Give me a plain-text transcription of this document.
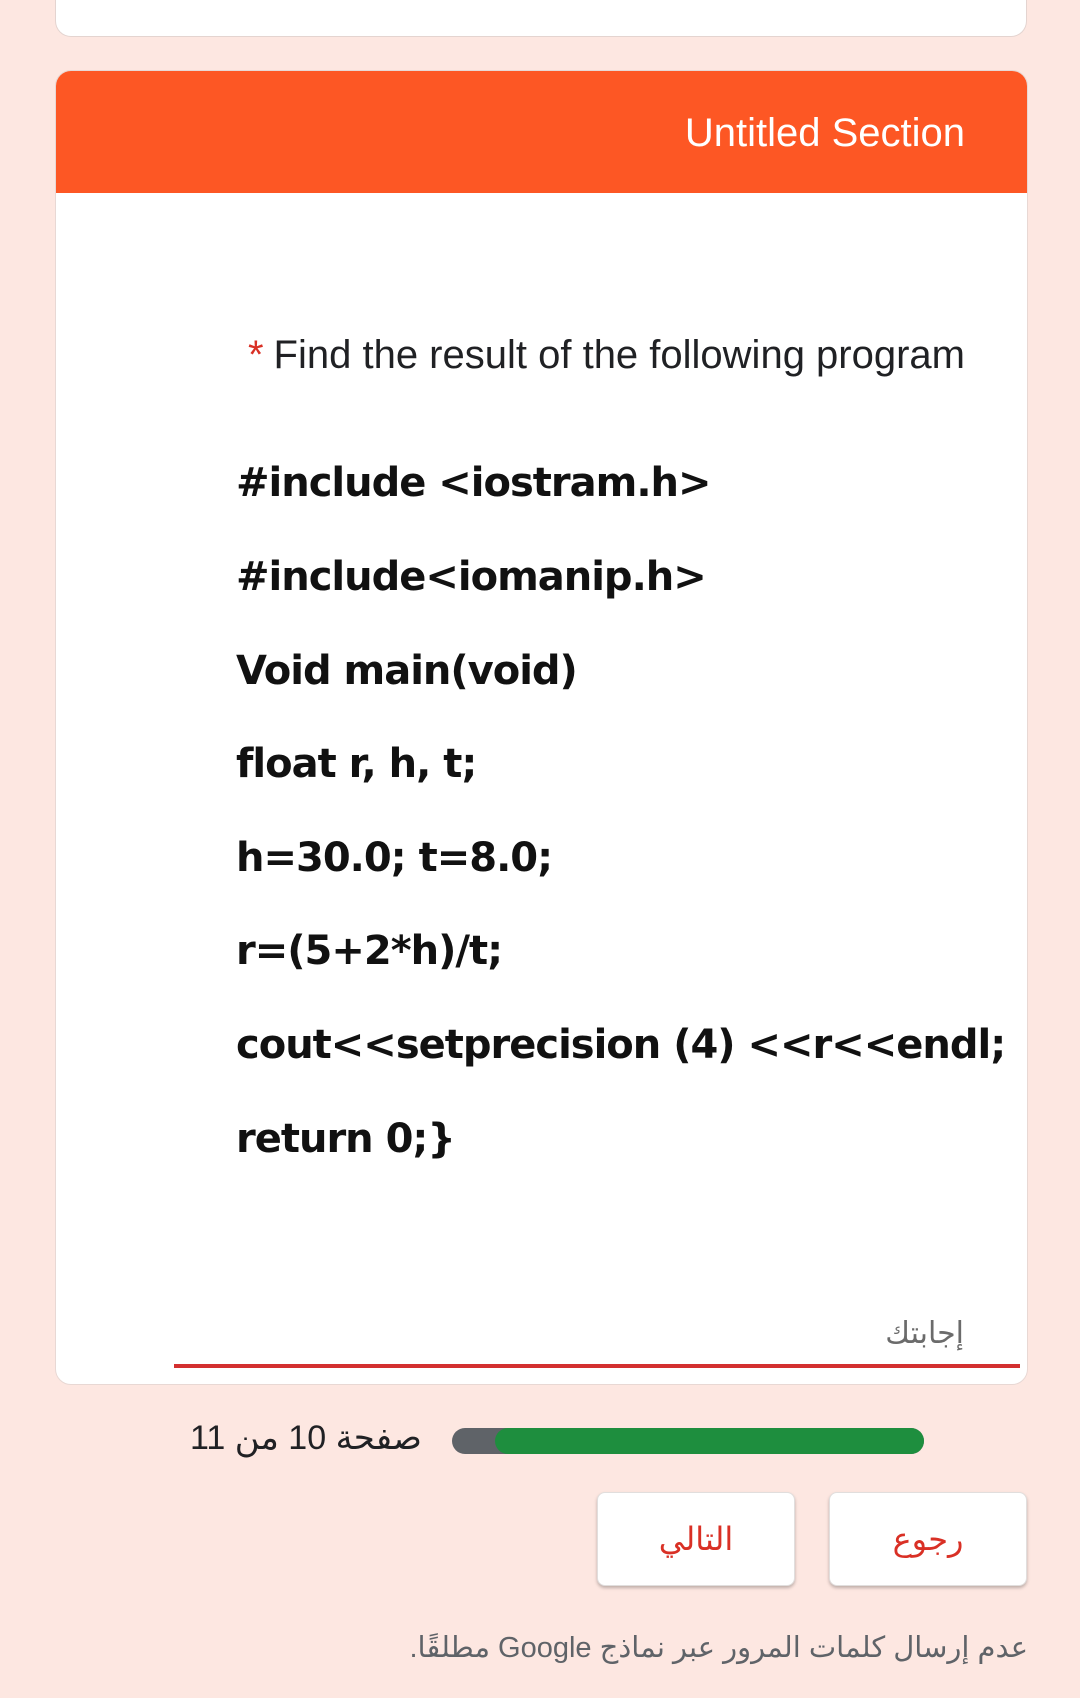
Untitled Section
* Find the result of the following program
#include <iostram.h>
#include<iomanip.h>
Void main(void)
float r, h, t;
h=30.0; t=8.0;
r=(5+2*h)/t;
cout<<setprecision (4) <<r<<endl;
return 0;}
إجابتك
صفحة 10 من 11
التالي	رجوع
عدم إرسال كلمات المرور عبر نماذج Google مطلقًا.
